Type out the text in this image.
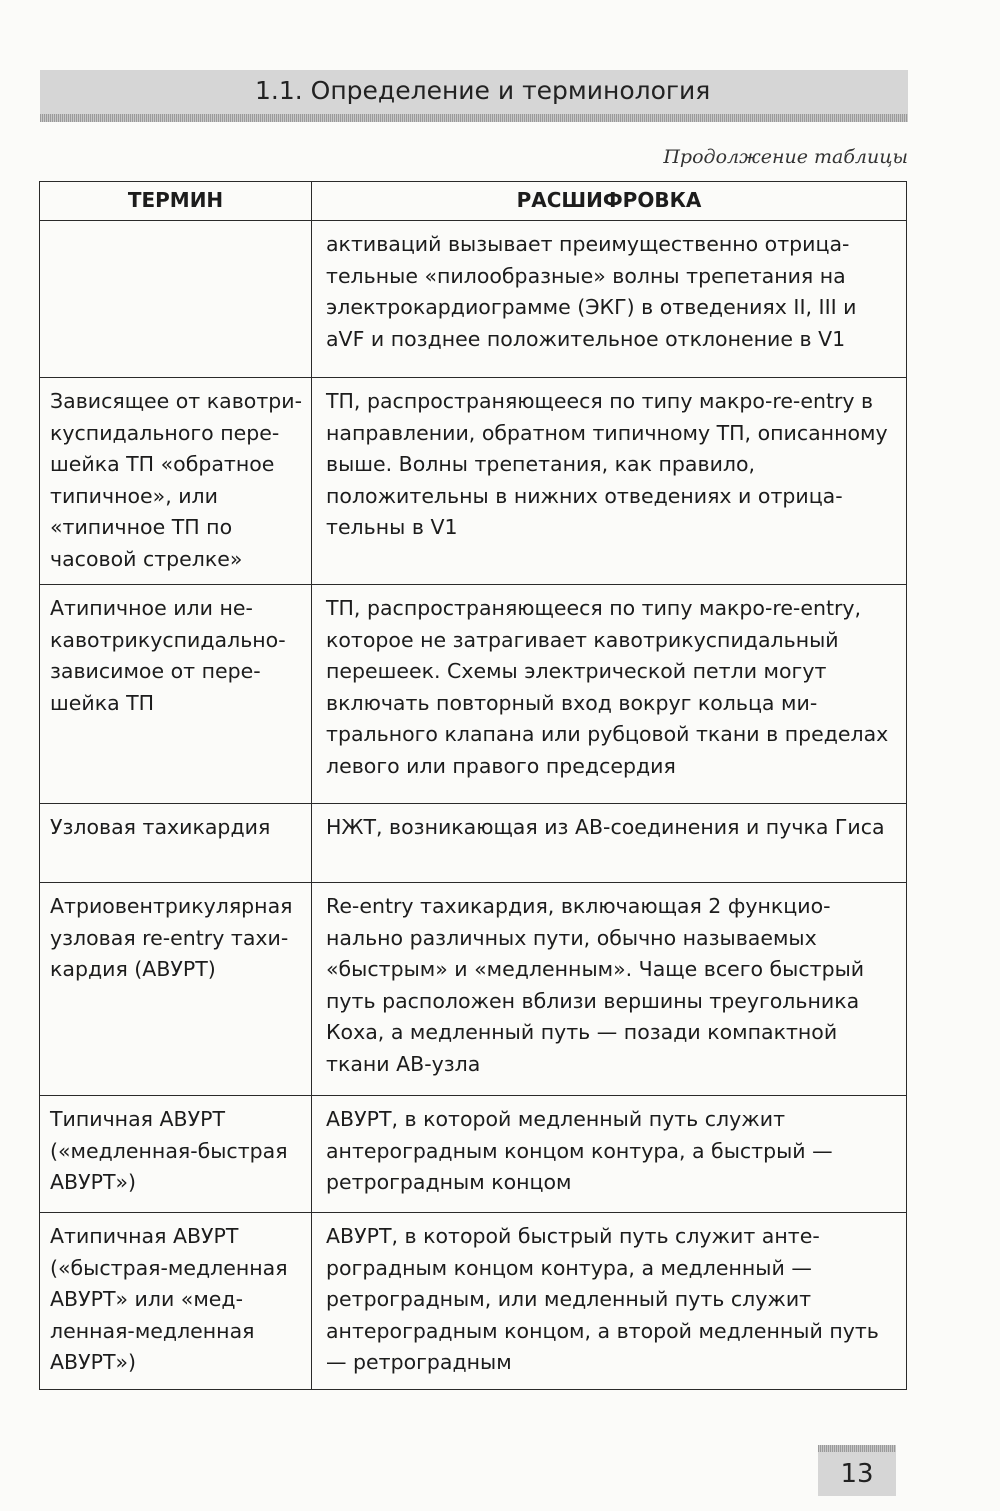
1.1. Определение и терминология
Продолжение таблицы
ТЕРМИН	РАСШИФРОВКА
	активаций вызывает преимущественно отрицательные «пилообразные» волны трепетания на электрокардиограмме (ЭКГ) в отведениях II, III и aVF и позднее положительное отклонение в V1
Зависящее от кавотрикуспидального перешейка ТП «обратное типичное», или «типичное ТП по часовой стрелке»	ТП, распространяющееся по типу макро-re-entry в направлении, обратном типичному ТП, описанному выше. Волны трепетания, как правило, положительны в нижних отведениях и отрицательны в V1
Атипичное или некавотрикуспидально-зависимое от перешейка ТП	ТП, распространяющееся по типу макро-re-entry, которое не затрагивает кавотрикуспидальный перешеек. Схемы электрической петли могут включать повторный вход вокруг кольца митрального клапана или рубцовой ткани в пределах левого или правого предсердия
Узловая тахикардия	НЖТ, возникающая из АВ-соединения и пучка Гиса
Атриовентрикулярная узловая re-entry тахикардия (АВУРТ)	Re-entry тахикардия, включающая 2 функционально различных пути, обычно называемых «быстрым» и «медленным». Чаще всего быстрый путь расположен вблизи вершины треугольника Коха, а медленный путь — позади компактной ткани АВ-узла
Типичная АВУРТ («медленная-быстрая АВУРТ»)	АВУРТ, в которой медленный путь служит антероградным концом контура, а быстрый — ретроградным концом
Атипичная АВУРТ («быстрая-медленная АВУРТ» или «медленная-медленная АВУРТ»)	АВУРТ, в которой быстрый путь служит антероградным концом контура, а медленный — ретроградным, или медленный путь служит антероградным концом, а второй медленный путь — ретроградным
13
